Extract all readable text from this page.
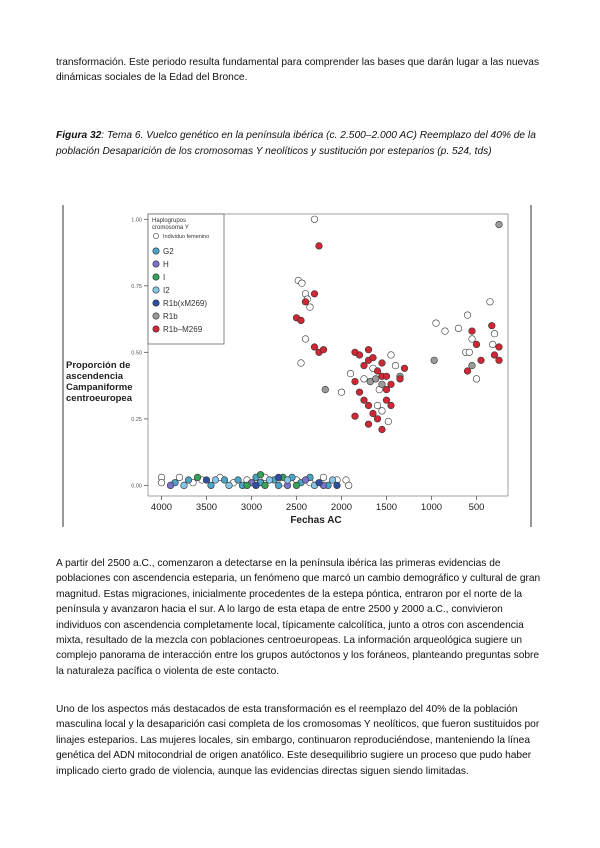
transformación. Este periodo resulta fundamental para comprender las bases que darán lugar a las nuevas dinámicas sociales de la Edad del Bronce.

Figura 32: Tema 6. Vuelco genético en la península ibérica (c. 2.500–2.000 AC) Reemplazo del 40% de la población Desaparición de los cromosomas Y neolíticos y sustitución por esteparios (p. 524, tds)

4000	3500	3000	2500	2000	1500	1000	500
0.00
0.25
0.50
0.75
1.00 Haplogrupos
cromosoma Y
Individuo femenino
G2
H
I
I2
R1b(xM269)
R1b
R1b–M269
Fechas AC
Proporción de
ascendencia
Campaniforme
centroeuropea

A partir del 2500 a.C., comenzaron a detectarse en la península ibérica las primeras evidencias de poblaciones con ascendencia esteparia, un fenómeno que marcó un cambio demográfico y cultural de gran magnitud. Estas migraciones, inicialmente procedentes de la estepa póntica, entraron por el norte de la península y avanzaron hacia el sur. A lo largo de esta etapa de entre 2500 y 2000 a.C., convivieron individuos con ascendencia completamente local, típicamente calcolítica, junto a otros con ascendencia mixta, resultado de la mezcla con poblaciones centroeuropeas. La información arqueológica sugiere un complejo panorama de interacción entre los grupos autóctonos y los foráneos, planteando preguntas sobre la naturaleza pacífica o violenta de este contacto.

Uno de los aspectos más destacados de esta transformación es el reemplazo del 40% de la población masculina local y la desaparición casi completa de los cromosomas Y neolíticos, que fueron sustituidos por linajes esteparios. Las mujeres locales, sin embargo, continuaron reproduciéndose, manteniendo la línea genética del ADN mitocondrial de origen anatólico. Este desequilibrio sugiere un proceso que pudo haber implicado cierto grado de violencia, aunque las evidencias directas siguen siendo limitadas.
